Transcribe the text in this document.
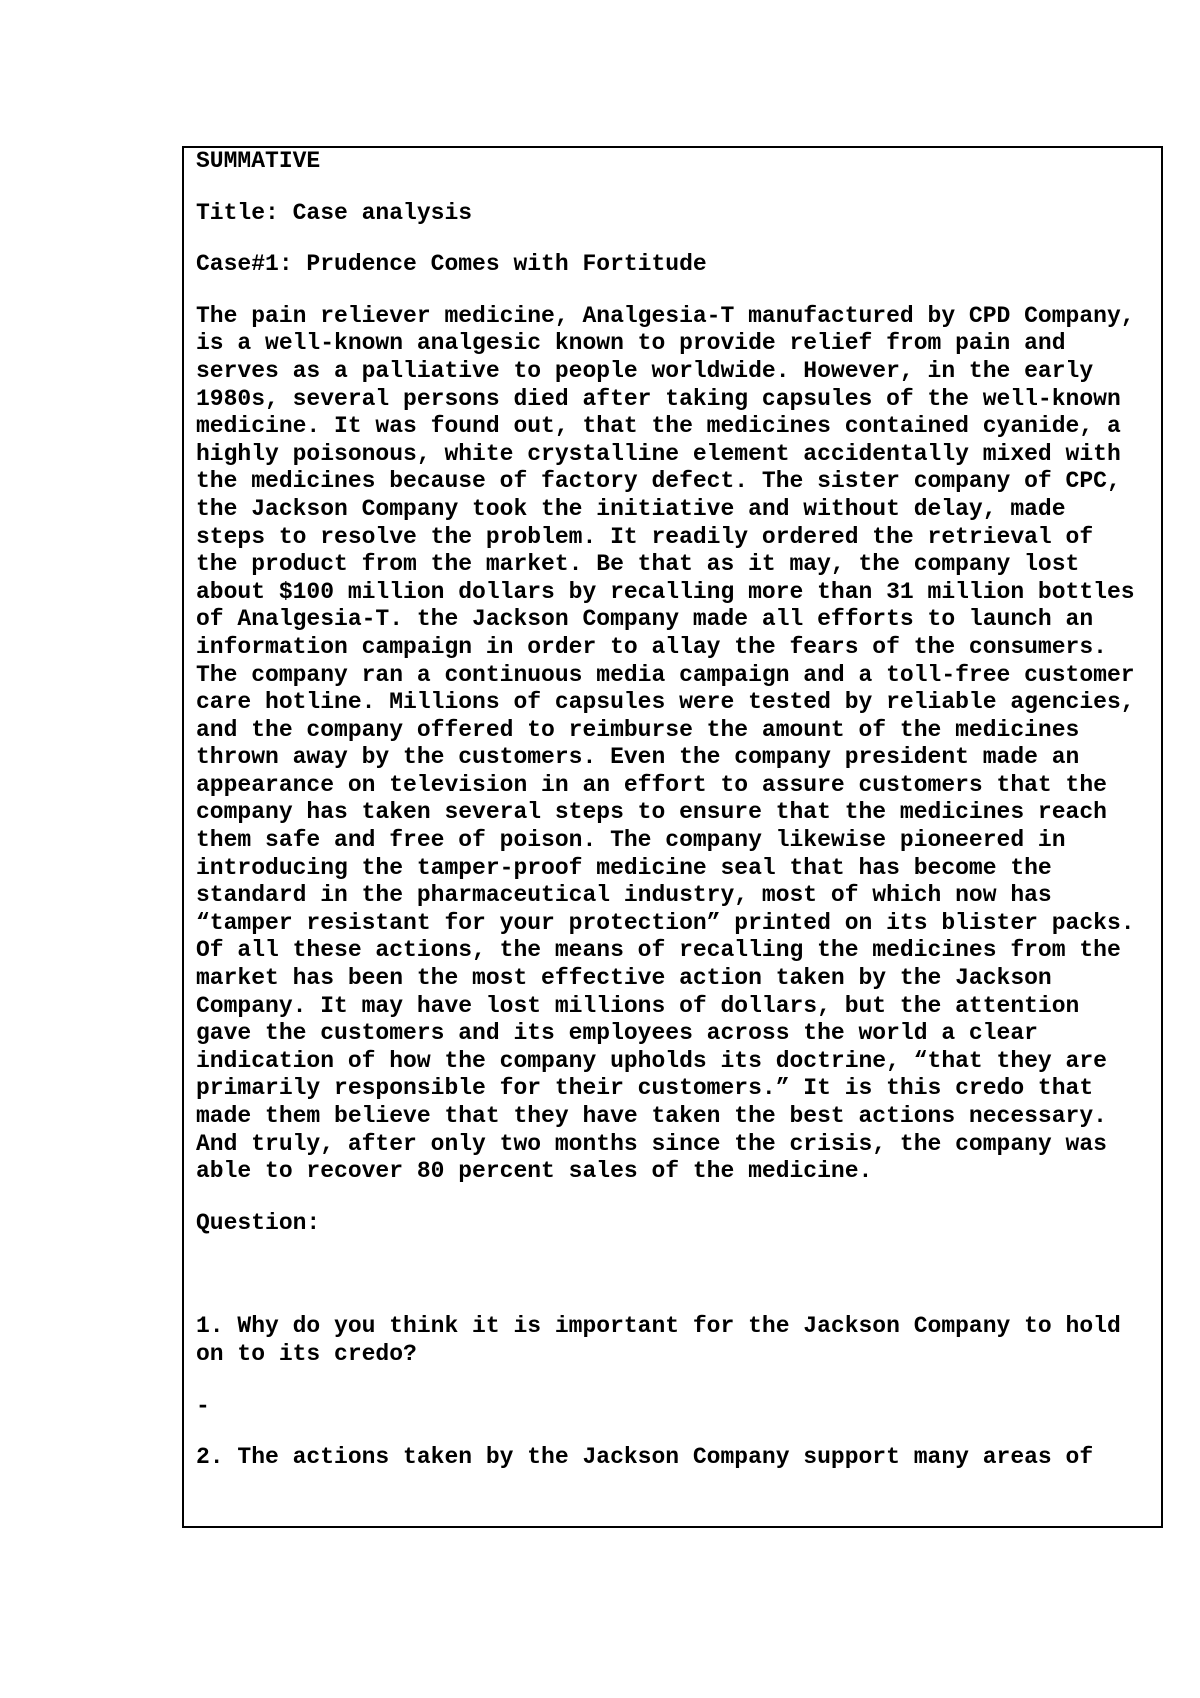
SUMMATIVE

Title: Case analysis

Case#1: Prudence Comes with Fortitude

The pain reliever medicine, Analgesia-T manufactured by CPD Company, is a well-known analgesic known to provide relief from pain and serves as a palliative to people worldwide. However, in the early 1980s, several persons died after taking capsules of the well-known medicine. It was found out, that the medicines contained cyanide, a highly poisonous, white crystalline element accidentally mixed with the medicines because of factory defect. The sister company of CPC, the Jackson Company took the initiative and without delay, made steps to resolve the problem. It readily ordered the retrieval of the product from the market. Be that as it may, the company lost about $100 million dollars by recalling more than 31 million bottles of Analgesia-T. the Jackson Company made all efforts to launch an information campaign in order to allay the fears of the consumers. The company ran a continuous media campaign and a toll-free customer care hotline. Millions of capsules were tested by reliable agencies, and the company offered to reimburse the amount of the medicines thrown away by the customers. Even the company president made an appearance on television in an effort to assure customers that the company has taken several steps to ensure that the medicines reach them safe and free of poison. The company likewise pioneered in introducing the tamper-proof medicine seal that has become the standard in the pharmaceutical industry, most of which now has “tamper resistant for your protection” printed on its blister packs. Of all these actions, the means of recalling the medicines from the market has been the most effective action taken by the Jackson Company. It may have lost millions of dollars, but the attention gave the customers and its employees across the world a clear indication of how the company upholds its doctrine, “that they are primarily responsible for their customers.” It is this credo that made them believe that they have taken the best actions necessary. And truly, after only two months since the crisis, the company was able to recover 80 percent sales of the medicine.

Question:

1. Why do you think it is important for the Jackson Company to hold on to its credo?

-

2. The actions taken by the Jackson Company support many areas of
